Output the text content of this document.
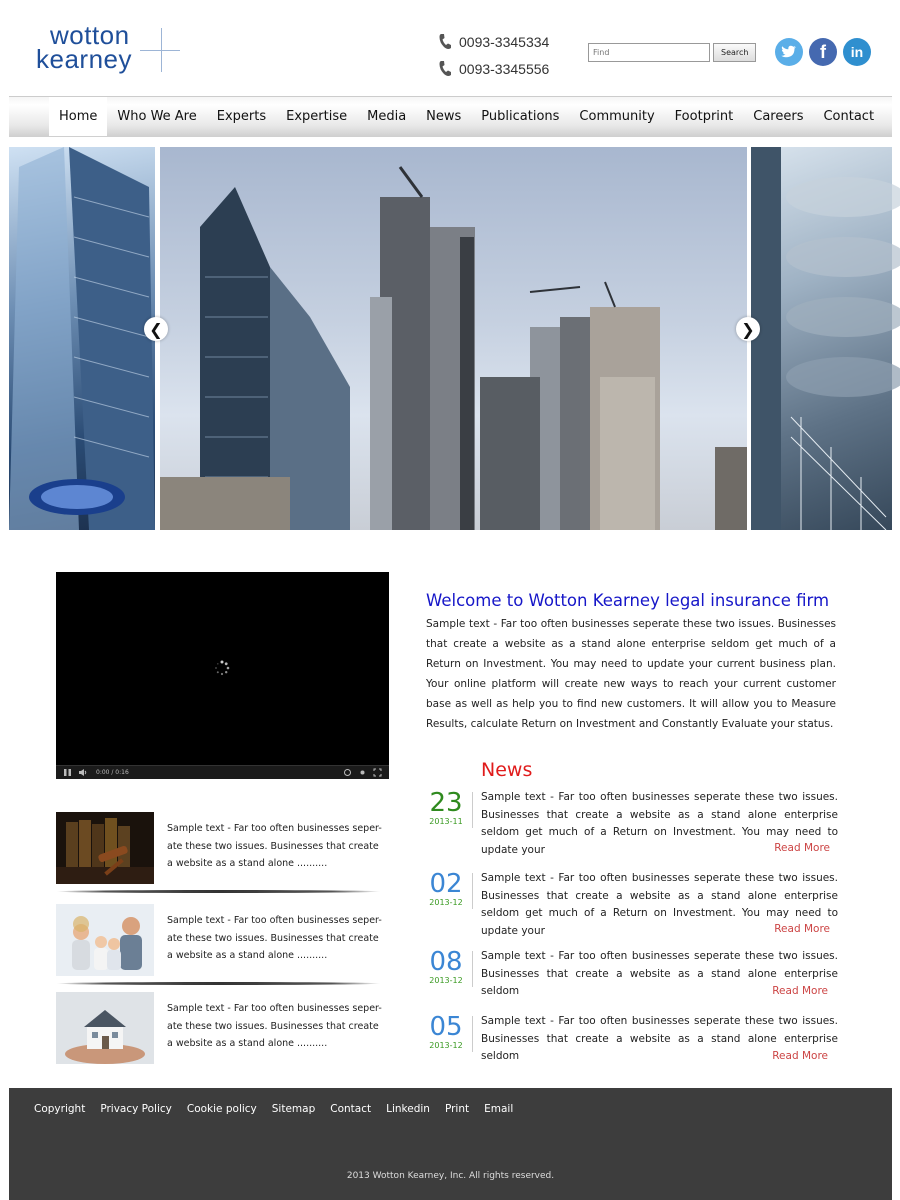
wotton
kearney
0093-3345334
0093-3345556
Find
Search	f	in
Home	Who We Are	Experts	Expertise	Media	News	Publications	Community	Footprint	Careers	Contact
❮	❯
0:00 / 0:16
Sample text - Far too often businesses seper-ate these two issues. Businesses that create a website as a stand alone ..........
Sample text - Far too often businesses seper-ate these two issues. Businesses that create a website as a stand alone ..........
Sample text - Far too often businesses seper-ate these two issues. Businesses that create a website as a stand alone ..........
Welcome to Wotton Kearney legal insurance firm
Sample text - Far too often businesses seperate these two issues. Businesses that create a website as a stand alone enterprise seldom get much of a Return on Investment. You may need to update your current business plan. Your online platform will create new ways to reach your current customer base as well as help you to find new customers. It will allow you to Measure Results, calculate Return on Investment and Constantly Evaluate your status.
News
23
2013-11
Sample text - Far too often businesses seperate these two issues. Businesses that create a website as a stand alone enterprise seldom get much of a Return on Investment. You may need to update your	Read More
02
2013-12
Sample text - Far too often businesses seperate these two issues. Businesses that create a website as a stand alone enterprise seldom get much of a Return on Investment. You may need to update your	Read More
08
2013-12
Sample text - Far too often businesses seperate these two issues. Businesses that create a website as a stand alone enterprise seldom	Read More
05
2013-12
Sample text - Far too often businesses seperate these two issues. Businesses that create a website as a stand alone enterprise seldom	Read More
Copyright Privacy Policy Cookie policy Sitemap Contact Linkedin Print Email
2013 Wotton Kearney, Inc. All rights reserved.
